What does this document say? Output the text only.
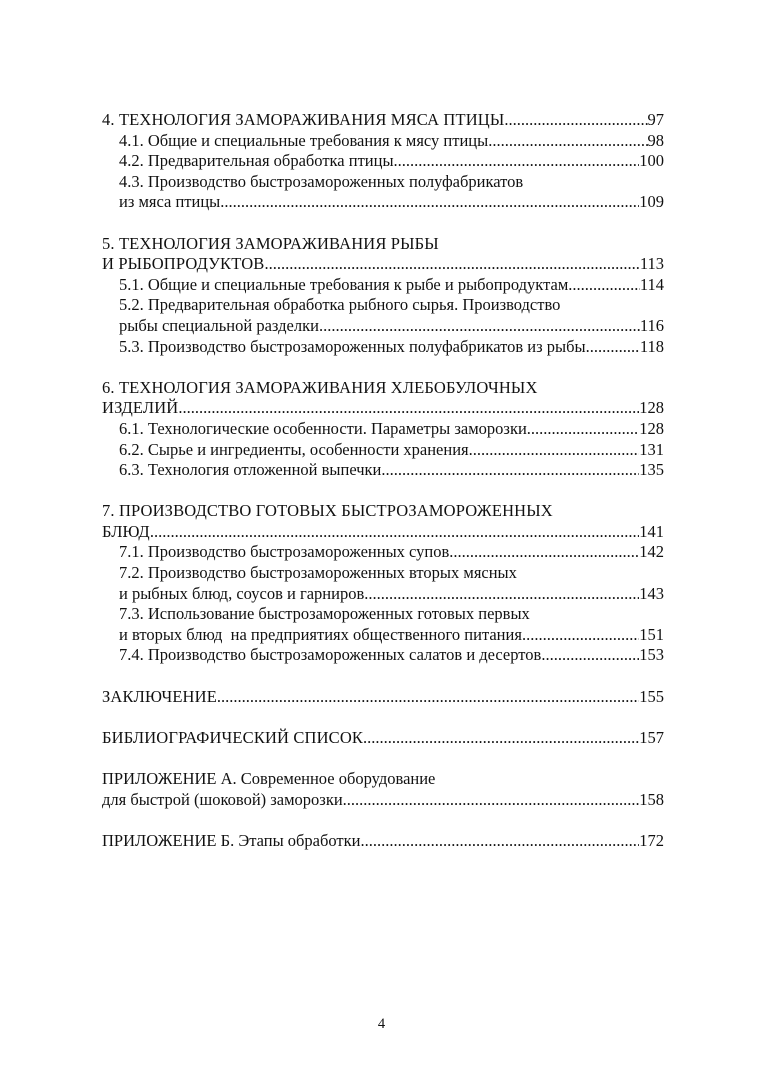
4. ТЕХНОЛОГИЯ ЗАМОРАЖИВАНИЯ МЯСА ПТИЦЫ .....	97
4.1. Общие и специальные требования к мясу птицы .....	98
4.2. Предварительная обработка птицы .....	100
4.3. Производство быстрозамороженных полуфабрикатов
из мяса птицы .....	109
5. ТЕХНОЛОГИЯ ЗАМОРАЖИВАНИЯ РЫБЫ
И РЫБОПРОДУКТОВ .....	113
5.1. Общие и специальные требования к рыбе и рыбопродуктам .....	114
5.2. Предварительная обработка рыбного сырья. Производство
рыбы специальной разделки .....	116
5.3. Производство быстрозамороженных полуфабрикатов из рыбы .....	118
6. ТЕХНОЛОГИЯ ЗАМОРАЖИВАНИЯ ХЛЕБОБУЛОЧНЫХ
ИЗДЕЛИЙ .....	128
6.1. Технологические особенности. Параметры заморозки .....	128
6.2. Сырье и ингредиенты, особенности хранения .....	131
6.3. Технология отложенной выпечки .....	135
7. ПРОИЗВОДСТВО ГОТОВЫХ БЫСТРОЗАМОРОЖЕННЫХ
БЛЮД .....	141
7.1. Производство быстрозамороженных супов .....	142
7.2. Производство быстрозамороженных вторых мясных
и рыбных блюд, соусов и гарниров .....	143
7.3. Использование быстрозамороженных готовых первых
и вторых блюд  на предприятиях общественного питания .....	151
7.4. Производство быстрозамороженных салатов и десертов .....	153
ЗАКЛЮЧЕНИЕ .....	155
БИБЛИОГРАФИЧЕСКИЙ СПИСОК .....	157
ПРИЛОЖЕНИЕ А. Современное оборудование
для быстрой (шоковой) заморозки .....	158
ПРИЛОЖЕНИЕ Б. Этапы обработки .....	172
4
